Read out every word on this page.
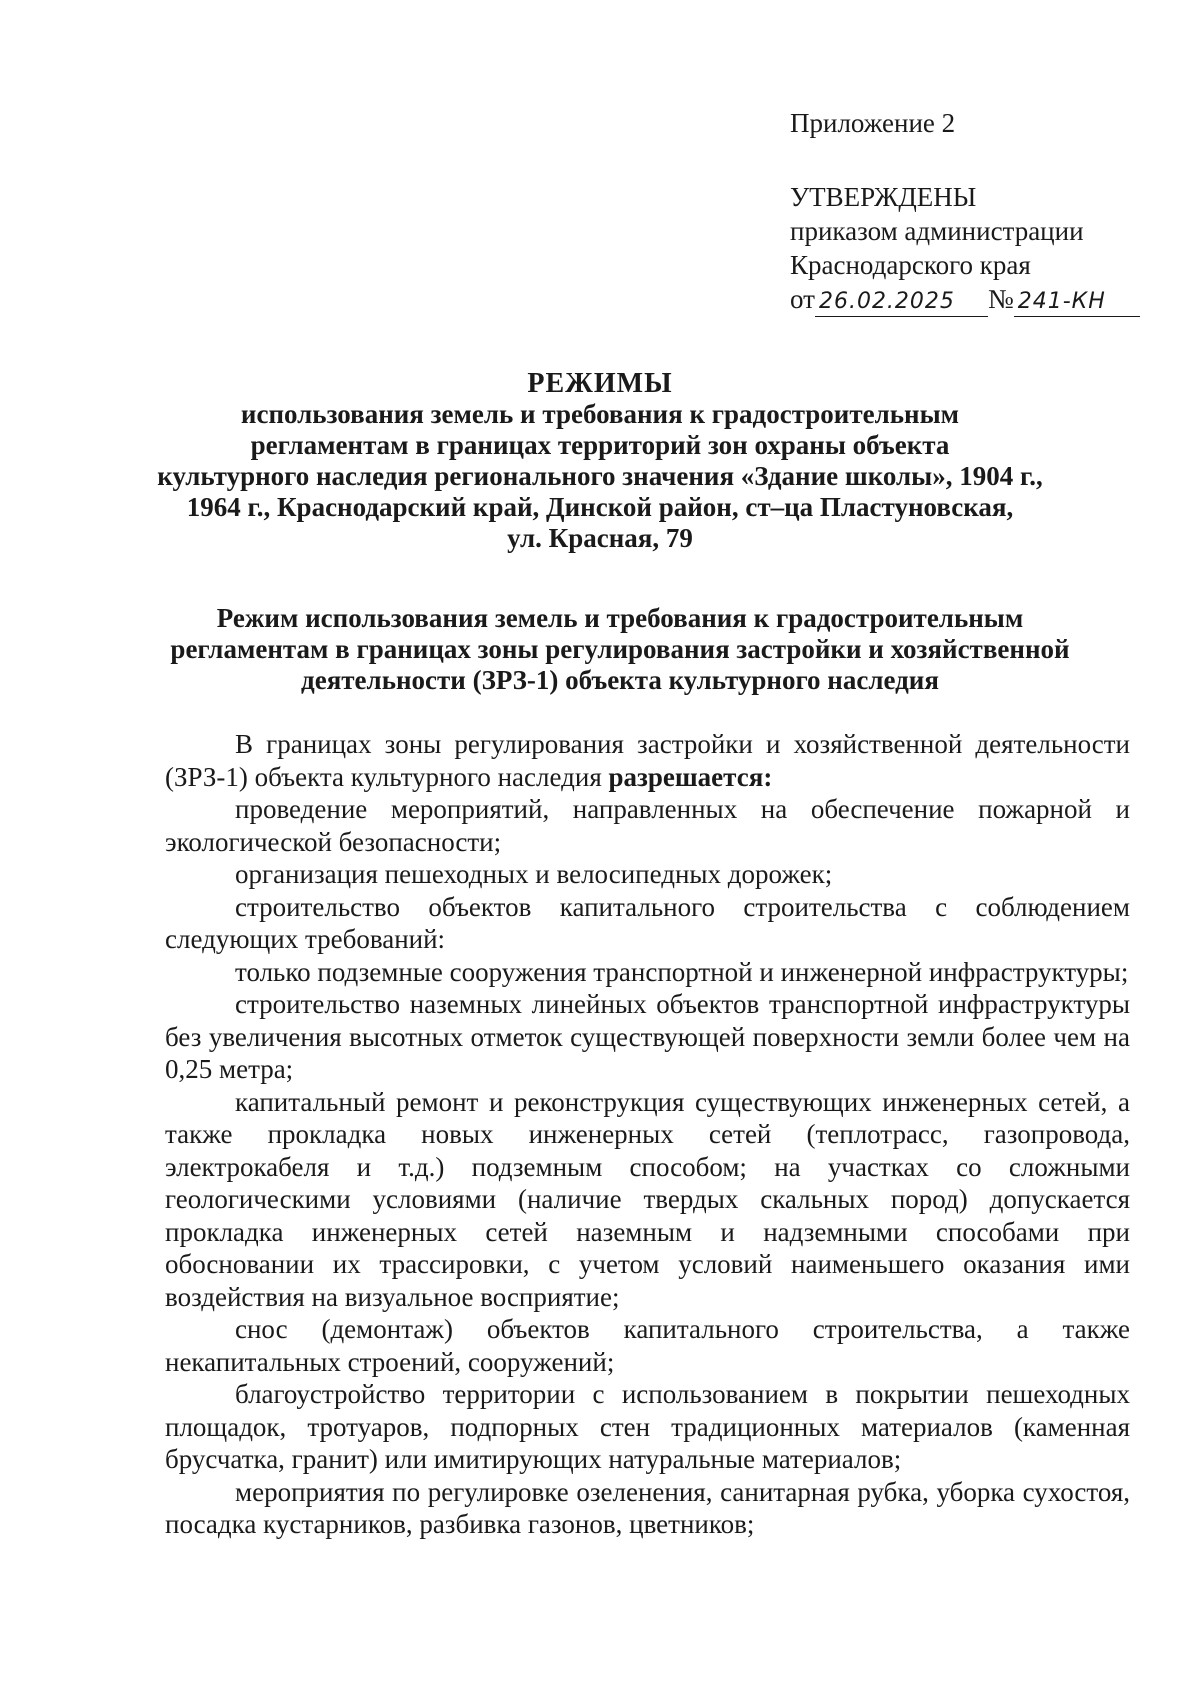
Приложение 2
УТВЕРЖДЕНЫ
приказом администрации
Краснодарского края
от 26.02.2025	№ 241-КН
РЕЖИМЫ
использования земель и требования к градостроительным
регламентам в границах территорий зон охраны объекта
культурного наследия регионального значения «Здание школы», 1904 г.,
1964 г., Краснодарский край, Динской район, ст–ца Пластуновская,
ул. Красная, 79
Режим использования земель и требования к градостроительным
регламентам в границах зоны регулирования застройки и хозяйственной
деятельности (ЗРЗ-1) объекта культурного наследия

В границах зоны регулирования застройки и хозяйственной деятельности (ЗРЗ-1) объекта культурного наследия разрешается:

проведение мероприятий, направленных на обеспечение пожарной и экологической безопасности;

организация пешеходных и велосипедных дорожек;

строительство объектов капитального строительства с соблюдением следующих требований:

только подземные сооружения транспортной и инженерной инфраструктуры;

строительство наземных линейных объектов транспортной инфраструктуры без увеличения высотных отметок существующей поверхности земли более чем на 0,25 метра;

капитальный ремонт и реконструкция существующих инженерных сетей, а также прокладка новых инженерных сетей (теплотрасс, газопровода, электрокабеля и т.д.) подземным способом; на участках со сложными геологическими условиями (наличие твердых скальных пород) допускается прокладка инженерных сетей наземным и надземными способами при обосновании их трассировки, с учетом условий наименьшего оказания ими воздействия на визуальное восприятие;

снос (демонтаж) объектов капитального строительства, а также некапитальных строений, сооружений;

благоустройство территории с использованием в покрытии пешеходных площадок, тротуаров, подпорных стен традиционных материалов (каменная брусчатка, гранит) или имитирующих натуральные материалов;

мероприятия по регулировке озеленения, санитарная рубка, уборка сухостоя, посадка кустарников, разбивка газонов, цветников;
